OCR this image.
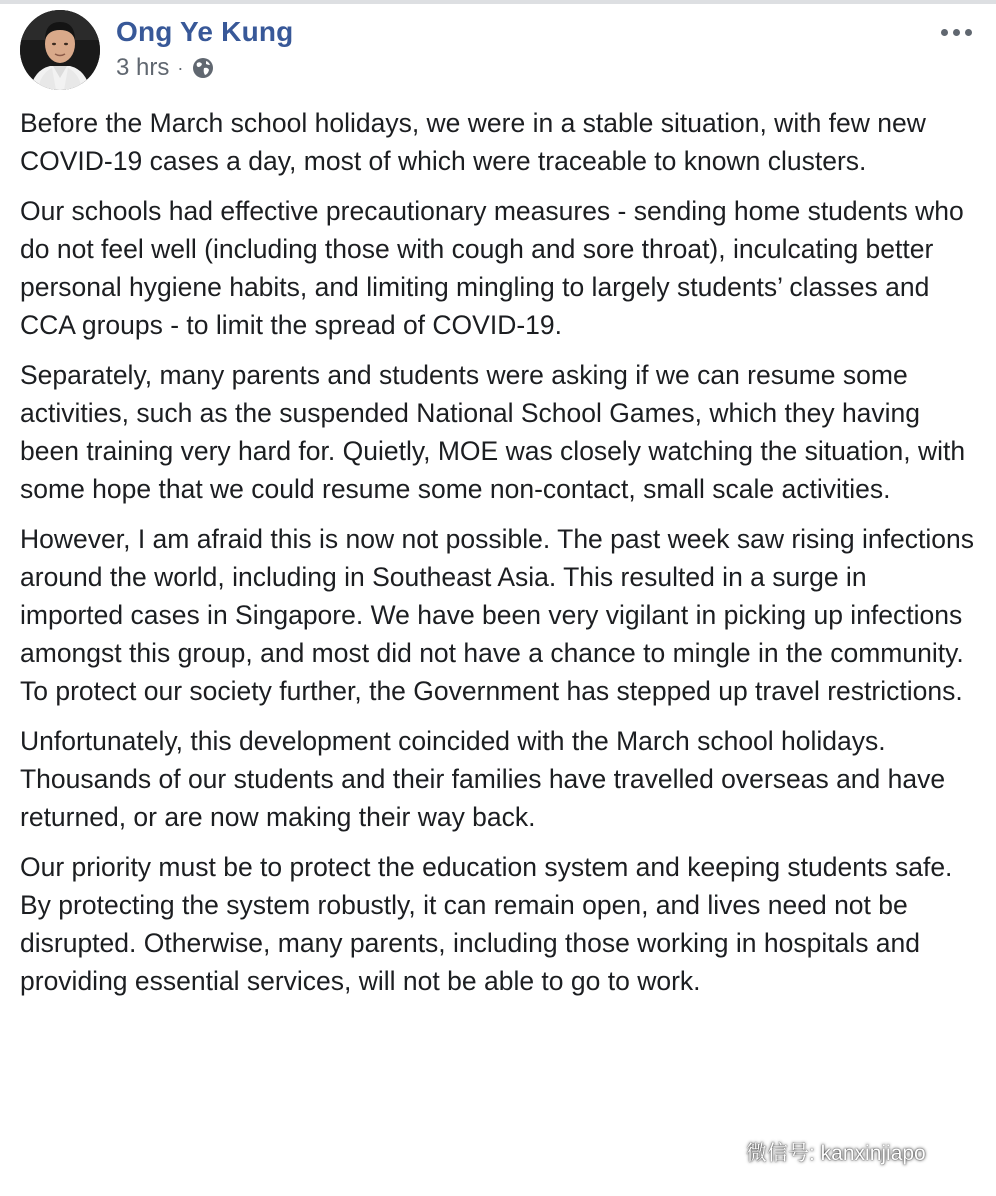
Ong Ye Kung
3 hrs ·

Before the March school holidays, we were in a stable situation, with few new COVID-19 cases a day, most of which were traceable to known clusters.

Our schools had effective precautionary measures - sending home students who do not feel well (including those with cough and sore throat), inculcating better personal hygiene habits, and limiting mingling to largely students’ classes and CCA groups - to limit the spread of COVID-19.

Separately, many parents and students were asking if we can resume some activities, such as the suspended National School Games, which they having been training very hard for. Quietly, MOE was closely watching the situation, with some hope that we could resume some non-contact, small scale activities.

However, I am afraid this is now not possible. The past week saw rising infections around the world, including in Southeast Asia. This resulted in a surge in imported cases in Singapore. We have been very vigilant in picking up infections amongst this group, and most did not have a chance to mingle in the community. To protect our society further, the Government has stepped up travel restrictions.

Unfortunately, this development coincided with the March school holidays. Thousands of our students and their families have travelled overseas and have returned, or are now making their way back.

Our priority must be to protect the education system and keeping students safe. By protecting the system robustly, it can remain open, and lives need not be disrupted. Otherwise, many parents, including those working in hospitals and providing essential services, will not be able to go to work.

微信号: kanxinjiapo
